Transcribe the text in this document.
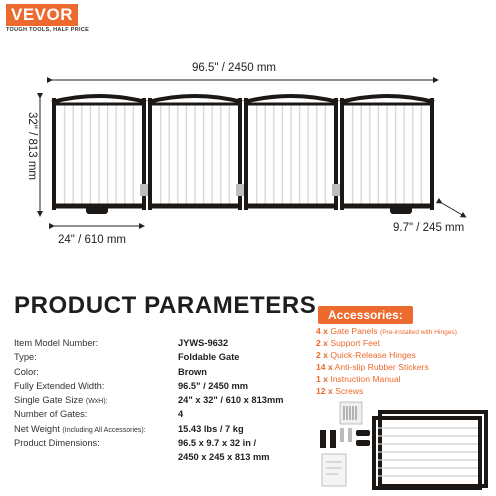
VEVOR
TOUGH TOOLS, HALF PRICE
96.5" / 2450 mm
32" / 813 mm
24" / 610 mm
9.7" / 245 mm
PRODUCT PARAMETERS
Item Model Number:	JYWS-9632
Type:	Foldable Gate
Color:	Brown
Fully Extended Width:	96.5" / 2450 mm
Single Gate Size (WxH):	24" x 32" / 610 x 813mm
Number of Gates:	4
Net Weight (Including All Accessories):	15.43 lbs / 7 kg
Product Dimensions:	96.5 x 9.7 x 32 in /
2450 x 245 x 813 mm
Accessories:
4 x Gate Panels (Pre-installed with Hinges)
2 x Support Feet
2 x Quick-Release Hinges
14 x Anti-slip Rubber Stickers
1 x Instruction Manual
12 x Screws
